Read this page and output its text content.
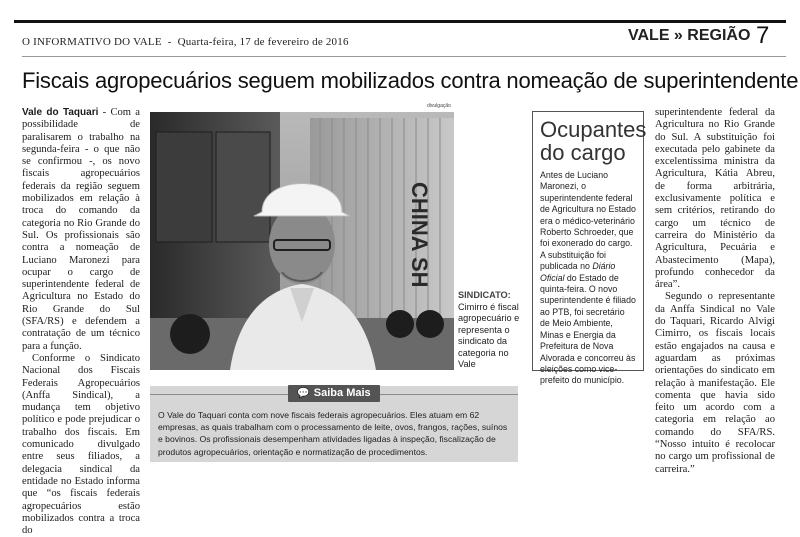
O INFORMATIVO DO VALE - Quarta-feira, 17 de fevereiro de 2016	VALE » REGIÃO 7
Fiscais agropecuários seguem mobilizados contra nomeação de superintendente

Vale do Taquari - Com a possibilidade de paralisarem o trabalho na segunda-feira - o que não se confirmou -, os novo fiscais agropecuários federais da região seguem mobilizados em relação à troca do comando da categoria no Rio Grande do Sul. Os profissionais são contra a nomeação de Luciano Maronezi para ocupar o cargo de superintendente federal de Agricultura no Estado do Rio Grande do Sul (SFA/RS) e defendem a contratação de um técnico para a função.

Conforme o Sindicato Nacional dos Fiscais Federais Agropecuários (Anffa Sindical), a mudança tem objetivo político e pode prejudicar o trabalho dos fiscais. Em comunicado divulgado entre seus filiados, a delegacia sindical da entidade no Estado informa que “os fiscais federais agropecuários estão mobilizados contra a troca do

divulgação
CHINA SH
SINDICATO:
Cimirro é fiscal agropecuário e representa o sindicato da categoria no Vale
Ocupantes do cargo

Antes de Luciano Maronezi, o superintendente federal de Agricultura no Estado era o médico-veterinário Roberto Schroeder, que foi exonerado do cargo. A substituição foi publicada no Diário Oficial do Estado de quinta-feira. O novo superintendente é filiado ao PTB, foi secretário de Meio Ambiente, Minas e Energia da Prefeitura de Nova Alvorada e concorreu às eleições como vice-prefeito do município.

superintendente federal da Agricultura no Rio Grande do Sul. A substituição foi executada pelo gabinete da excelentíssima ministra da Agricultura, Kátia Abreu, de forma arbitrária, exclusivamente política e sem critérios, retirando do cargo um técnico de carreira do Ministério da Agricultura, Pecuária e Abastecimento (Mapa), profundo conhecedor da área”.

Segundo o representante da Anffa Sindical no Vale do Taquari, Ricardo Alvigi Cimirro, os fiscais locais estão engajados na causa e aguardam as próximas orientações do sindicato em relação à manifestação. Ele comenta que havia sido feito um acordo com a categoria em relação ao comando do SFA/RS. “Nosso intuito é recolocar no cargo um profissional de carreira.”

💬 Saiba Mais
O Vale do Taquari conta com nove fiscais federais agropecuários. Eles atuam em 62 empresas, as quais trabalham com o processamento de leite, ovos, frangos, rações, suínos e bovinos. Os profissionais desempenham atividades ligadas à inspeção, fiscalização de produtos agropecuários, orientação e normatização de procedimentos.
